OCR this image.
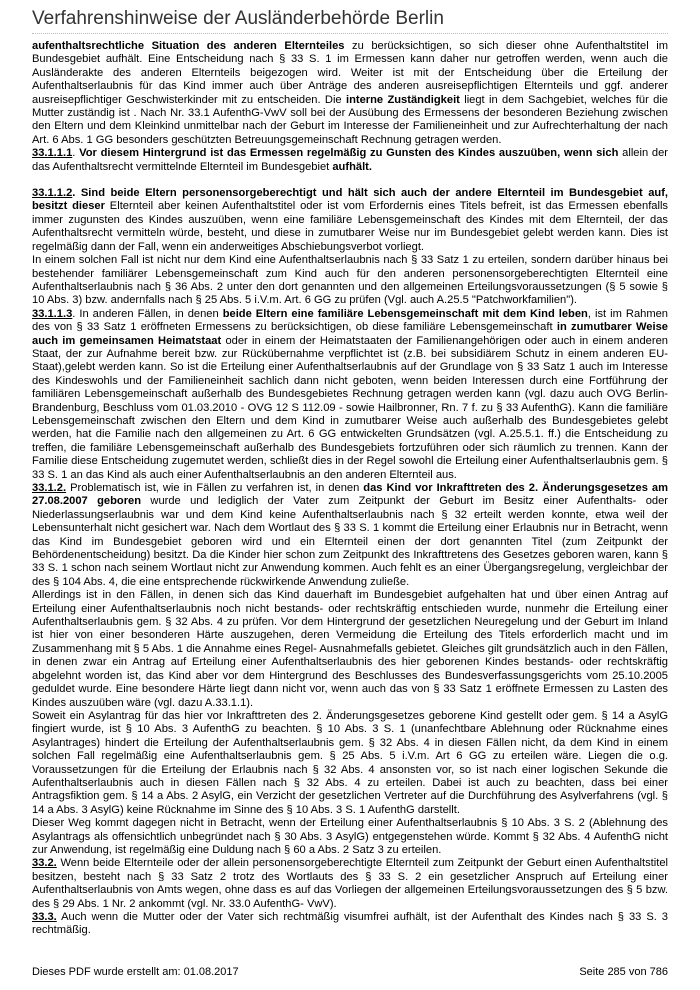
Verfahrenshinweise der Ausländerbehörde Berlin

aufenthaltsrechtliche Situation des anderen Elternteiles zu berücksichtigen, so sich dieser ohne Aufenthaltstitel im Bundesgebiet aufhält. Eine Entscheidung nach § 33 S. 1 im Ermessen kann daher nur getroffen werden, wenn auch die Ausländerakte des anderen Elternteils beigezogen wird. Weiter ist mit der Entscheidung über die Erteilung der Aufenthaltserlaubnis für das Kind immer auch über Anträge des anderen ausreisepflichtigen Elternteils und ggf. anderer ausreisepflichtiger Geschwisterkinder mit zu entscheiden. Die interne Zuständigkeit liegt in dem Sachgebiet, welches für die Mutter zuständig ist . Nach Nr. 33.1 AufenthG-VwV soll bei der Ausübung des Ermessens der besonderen Beziehung zwischen den Eltern und dem Kleinkind unmittelbar nach der Geburt im Interesse der Familieneinheit und zur Aufrechterhaltung der nach Art. 6 Abs. 1 GG besonders geschützten Betreuungsgemeinschaft Rechnung getragen werden.

33.1.1.1. Vor diesem Hintergrund ist das Ermessen regelmäßig zu Gunsten des Kindes auszuüben, wenn sich allein der das Aufenthaltsrecht vermittelnde Elternteil im Bundesgebiet aufhält.

33.1.1.2. Sind beide Eltern personensorgeberechtigt und hält sich auch der andere Elternteil im Bundesgebiet auf, besitzt dieser Elternteil aber keinen Aufenthaltstitel oder ist vom Erfordernis eines Titels befreit, ist das Ermessen ebenfalls immer zugunsten des Kindes auszuüben, wenn eine familiäre Lebensgemeinschaft des Kindes mit dem Elternteil, der das Aufenthaltsrecht vermitteln würde, besteht, und diese in zumutbarer Weise nur im Bundesgebiet gelebt werden kann. Dies ist regelmäßig dann der Fall, wenn ein anderweitiges Abschiebungsverbot vorliegt.

In einem solchen Fall ist nicht nur dem Kind eine Aufenthaltserlaubnis nach § 33 Satz 1 zu erteilen, sondern darüber hinaus bei bestehender familiärer Lebensgemeinschaft zum Kind auch für den anderen personensorgeberechtigten Elternteil eine Aufenthaltserlaubnis nach § 36 Abs. 2 unter den dort genannten und den allgemeinen Erteilungsvoraussetzungen (§ 5 sowie § 10 Abs. 3) bzw. andernfalls nach § 25 Abs. 5 i.V.m. Art. 6 GG zu prüfen (Vgl. auch A.25.5 "Patchworkfamilien").

33.1.1.3. In anderen Fällen, in denen beide Eltern eine familiäre Lebensgemeinschaft mit dem Kind leben, ist im Rahmen des von § 33 Satz 1 eröffneten Ermessens zu berücksichtigen, ob diese familiäre Lebensgemeinschaft in zumutbarer Weise auch im gemeinsamen Heimatstaat oder in einem der Heimatstaaten der Familienangehörigen oder auch in einem anderen Staat, der zur Aufnahme bereit bzw. zur Rückübernahme verpflichtet ist (z.B. bei subsidiärem Schutz in einem anderen EU-Staat),gelebt werden kann. So ist die Erteilung einer Aufenthaltserlaubnis auf der Grundlage von § 33 Satz 1 auch im Interesse des Kindeswohls und der Familieneinheit sachlich dann nicht geboten, wenn beiden Interessen durch eine Fortführung der familiären Lebensgemeinschaft außerhalb des Bundesgebietes Rechnung getragen werden kann (vgl. dazu auch OVG Berlin-Brandenburg, Beschluss vom 01.03.2010 - OVG 12 S 112.09 - sowie Hailbronner, Rn. 7 f. zu § 33 AufenthG). Kann die familiäre Lebensgemeinschaft zwischen den Eltern und dem Kind in zumutbarer Weise auch außerhalb des Bundesgebietes gelebt werden, hat die Familie nach den allgemeinen zu Art. 6 GG entwickelten Grundsätzen (vgl. A.25.5.1. ff.) die Entscheidung zu treffen, die familiäre Lebensgemeinschaft außerhalb des Bundesgebiets fortzuführen oder sich räumlich zu trennen. Kann der Familie diese Entscheidung zugemutet werden, schließt dies in der Regel sowohl die Erteilung einer Aufenthaltserlaubnis gem. § 33 S. 1 an das Kind als auch einer Aufenthaltserlaubnis an den anderen Elternteil aus.

33.1.2. Problematisch ist, wie in Fällen zu verfahren ist, in denen das Kind vor Inkrafttreten des 2. Änderungsgesetzes am 27.08.2007 geboren wurde und lediglich der Vater zum Zeitpunkt der Geburt im Besitz einer Aufenthalts- oder Niederlassungserlaubnis war und dem Kind keine Aufenthaltserlaubnis nach § 32 erteilt werden konnte, etwa weil der Lebensunterhalt nicht gesichert war. Nach dem Wortlaut des § 33 S. 1 kommt die Erteilung einer Erlaubnis nur in Betracht, wenn das Kind im Bundesgebiet geboren wird und ein Elternteil einen der dort genannten Titel (zum Zeitpunkt der Behördenentscheidung) besitzt. Da die Kinder hier schon zum Zeitpunkt des Inkrafttretens des Gesetzes geboren waren, kann § 33 S. 1 schon nach seinem Wortlaut nicht zur Anwendung kommen. Auch fehlt es an einer Übergangsregelung, vergleichbar der des § 104 Abs. 4, die eine entsprechende rückwirkende Anwendung zuließe.

Allerdings ist in den Fällen, in denen sich das Kind dauerhaft im Bundesgebiet aufgehalten hat und über einen Antrag auf Erteilung einer Aufenthaltserlaubnis noch nicht bestands- oder rechtskräftig entschieden wurde, nunmehr die Erteilung einer Aufenthaltserlaubnis gem. § 32 Abs. 4 zu prüfen. Vor dem Hintergrund der gesetzlichen Neuregelung und der Geburt im Inland ist hier von einer besonderen Härte auszugehen, deren Vermeidung die Erteilung des Titels erforderlich macht und im Zusammenhang mit § 5 Abs. 1 die Annahme eines Regel- Ausnahmefalls gebietet. Gleiches gilt grundsätzlich auch in den Fällen, in denen zwar ein Antrag auf Erteilung einer Aufenthaltserlaubnis des hier geborenen Kindes bestands- oder rechtskräftig abgelehnt worden ist, das Kind aber vor dem Hintergrund des Beschlusses des Bundesverfassungsgerichts vom 25.10.2005 geduldet wurde. Eine besondere Härte liegt dann nicht vor, wenn auch das von § 33 Satz 1 eröffnete Ermessen zu Lasten des Kindes auszuüben wäre (vgl. dazu A.33.1.1).

Soweit ein Asylantrag für das hier vor Inkrafttreten des 2. Änderungsgesetzes geborene Kind gestellt oder gem. § 14 a AsylG fingiert wurde, ist § 10 Abs. 3 AufenthG zu beachten. § 10 Abs. 3 S. 1 (unanfechtbare Ablehnung oder Rücknahme eines Asylantrages) hindert die Erteilung der Aufenthaltserlaubnis gem. § 32 Abs. 4 in diesen Fällen nicht, da dem Kind in einem solchen Fall regelmäßig eine Aufenthaltserlaubnis gem. § 25 Abs. 5 i.V.m. Art 6 GG zu erteilen wäre. Liegen die o.g. Voraussetzungen für die Erteilung der Erlaubnis nach § 32 Abs. 4 ansonsten vor, so ist nach einer logischen Sekunde die Aufenthaltserlaubnis auch in diesen Fällen nach § 32 Abs. 4 zu erteilen. Dabei ist auch zu beachten, dass bei einer Antragsfiktion gem. § 14 a Abs. 2 AsylG, ein Verzicht der gesetzlichen Vertreter auf die Durchführung des Asylverfahrens (vgl. § 14 a Abs. 3 AsylG) keine Rücknahme im Sinne des § 10 Abs. 3 S. 1 AufenthG darstellt.

Dieser Weg kommt dagegen nicht in Betracht, wenn der Erteilung einer Aufenthaltserlaubnis § 10 Abs. 3 S. 2 (Ablehnung des Asylantrags als offensichtlich unbegründet nach § 30 Abs. 3 AsylG) entgegenstehen würde. Kommt § 32 Abs. 4 AufenthG nicht zur Anwendung, ist regelmäßig eine Duldung nach § 60 a Abs. 2 Satz 3 zu erteilen.

33.2. Wenn beide Elternteile oder der allein personensorgeberechtigte Elternteil zum Zeitpunkt der Geburt einen Aufenthaltstitel besitzen, besteht nach § 33 Satz 2 trotz des Wortlauts des § 33 S. 2 ein gesetzlicher Anspruch auf Erteilung einer Aufenthaltserlaubnis von Amts wegen, ohne dass es auf das Vorliegen der allgemeinen Erteilungsvoraussetzungen des § 5 bzw. des § 29 Abs. 1 Nr. 2 ankommt (vgl. Nr. 33.0 AufenthG- VwV).

33.3. Auch wenn die Mutter oder der Vater sich rechtmäßig visumfrei aufhält, ist der Aufenthalt des Kindes nach § 33 S. 3 rechtmäßig.

Dieses PDF wurde erstellt am: 01.08.2017	Seite 285 von 786
